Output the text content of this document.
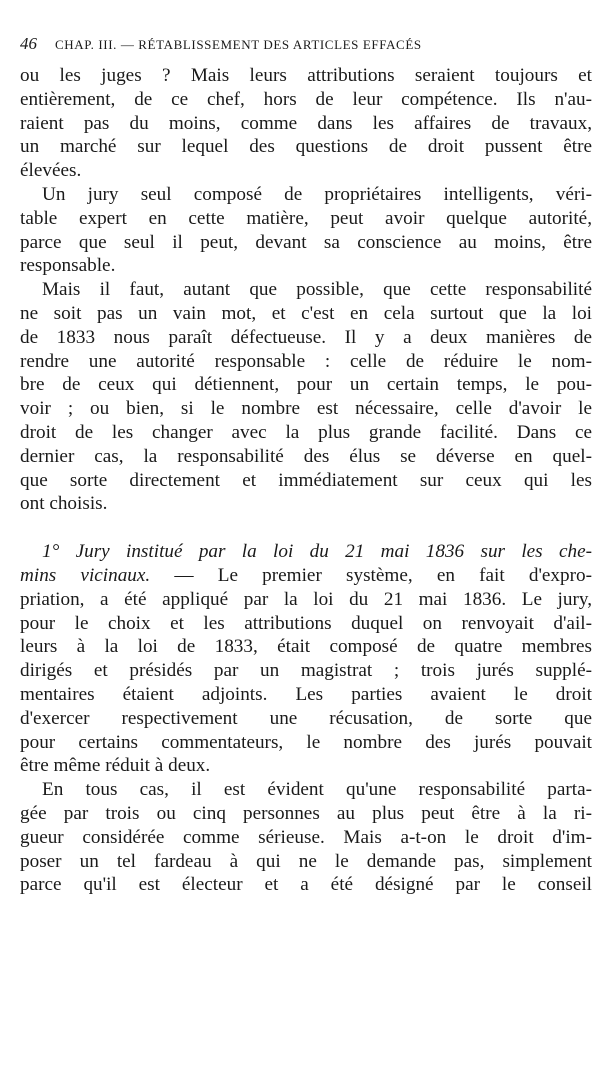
46 CHAP. III. — RÉTABLISSEMENT DES ARTICLES EFFACÉS
ou les juges ? Mais leurs attributions seraient toujours et
entièrement, de ce chef, hors de leur compétence. Ils n'au-
raient pas du moins, comme dans les affaires de travaux,
un marché sur lequel des questions de droit pussent être
élevées.
Un jury seul composé de propriétaires intelligents, véri-
table expert en cette matière, peut avoir quelque autorité,
parce que seul il peut, devant sa conscience au moins, être
responsable.
Mais il faut, autant que possible, que cette responsabilité
ne soit pas un vain mot, et c'est en cela surtout que la loi
de 1833 nous paraît défectueuse. Il y a deux manières de
rendre une autorité responsable : celle de réduire le nom-
bre de ceux qui détiennent, pour un certain temps, le pou-
voir ; ou bien, si le nombre est nécessaire, celle d'avoir le
droit de les changer avec la plus grande facilité. Dans ce
dernier cas, la responsabilité des élus se déverse en quel-
que sorte directement et immédiatement sur ceux qui les
ont choisis.
1° Jury institué par la loi du 21 mai 1836 sur les che-
mins vicinaux. — Le premier système, en fait d'expro-
priation, a été appliqué par la loi du 21 mai 1836. Le jury,
pour le choix et les attributions duquel on renvoyait d'ail-
leurs à la loi de 1833, était composé de quatre membres
dirigés et présidés par un magistrat ; trois jurés supplé-
mentaires étaient adjoints. Les parties avaient le droit
d'exercer respectivement une récusation, de sorte que
pour certains commentateurs, le nombre des jurés pouvait
être même réduit à deux.
En tous cas, il est évident qu'une responsabilité parta-
gée par trois ou cinq personnes au plus peut être à la ri-
gueur considérée comme sérieuse. Mais a-t-on le droit d'im-
poser un tel fardeau à qui ne le demande pas, simplement
parce qu'il est électeur et a été désigné par le conseil
